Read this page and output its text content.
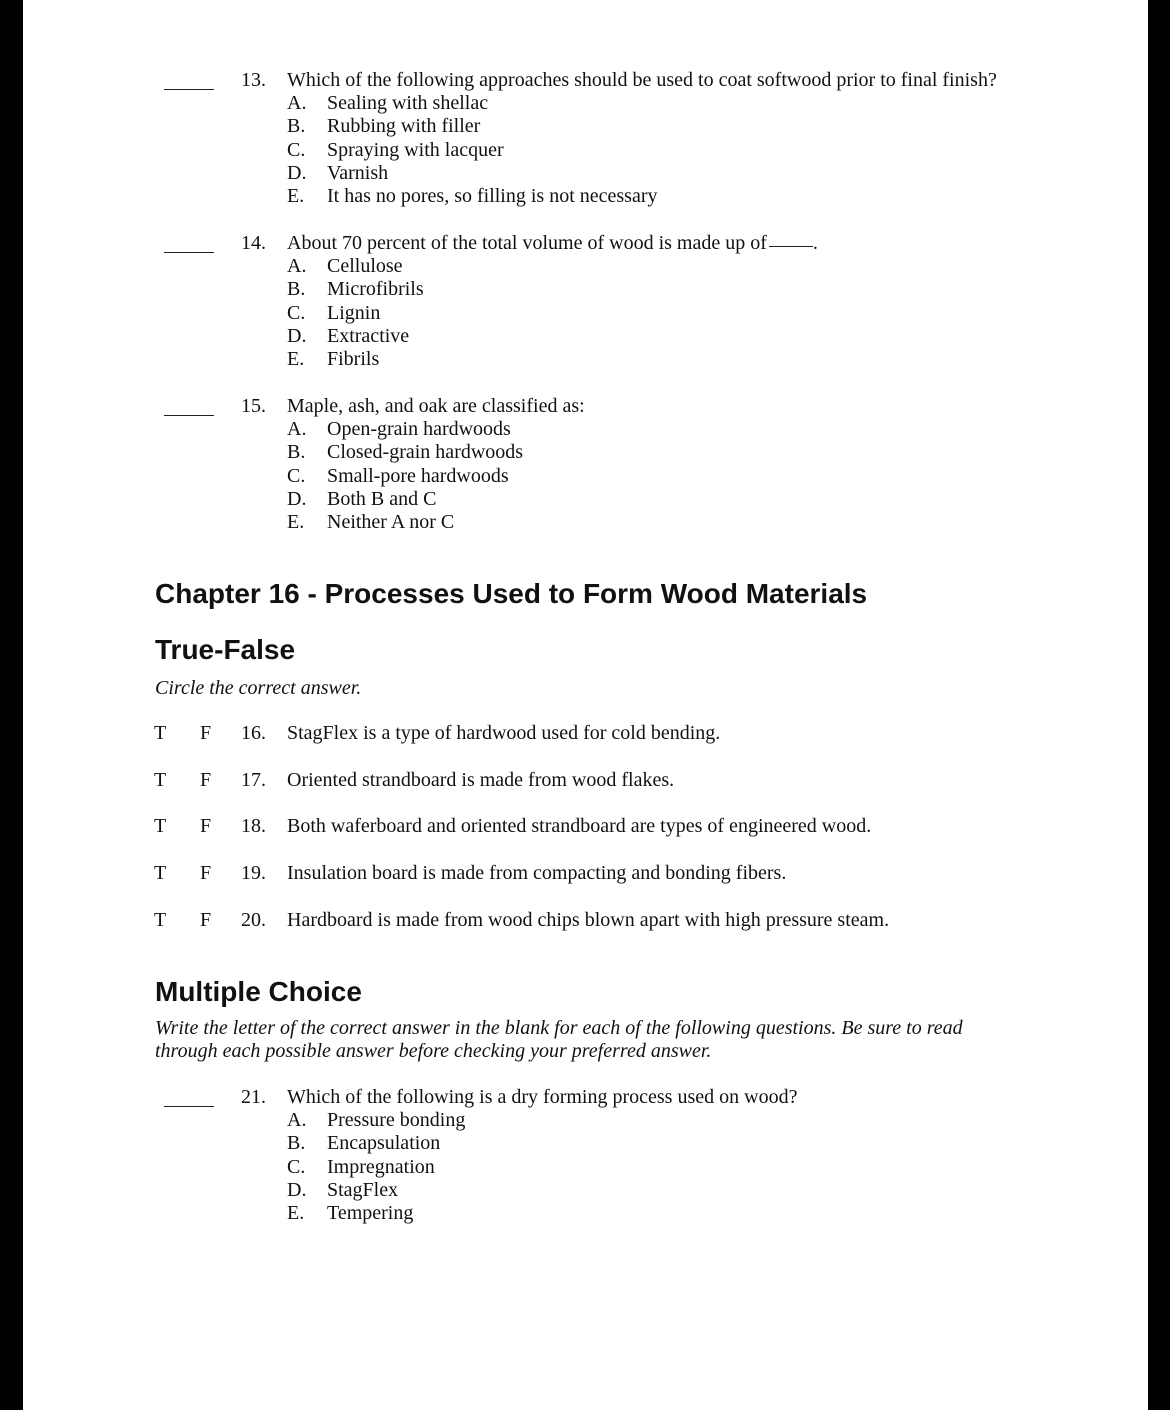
13. Which of the following approaches should be used to coat softwood prior to final finish?
A. Sealing with shellac
B. Rubbing with filler
C. Spraying with lacquer
D. Varnish
E. It has no pores, so filling is not necessary
14. About 70 percent of the total volume of wood is made up of .
A. Cellulose
B. Microfibrils
C. Lignin
D. Extractive
E. Fibrils
15. Maple, ash, and oak are classified as:
A. Open-grain hardwoods
B. Closed-grain hardwoods
C. Small-pore hardwoods
D. Both B and C
E. Neither A nor C
Chapter 16 - Processes Used to Form Wood Materials
True-False
Circle the correct answer.
T F 16. StagFlex is a type of hardwood used for cold bending.
T F 17. Oriented strandboard is made from wood flakes.
T F 18. Both waferboard and oriented strandboard are types of engineered wood.
T F 19. Insulation board is made from compacting and bonding fibers.
T F 20. Hardboard is made from wood chips blown apart with high pressure steam.
Multiple Choice
Write the letter of the correct answer in the blank for each of the following questions. Be sure to read
through each possible answer before checking your preferred answer.
21. Which of the following is a dry forming process used on wood?
A. Pressure bonding
B. Encapsulation
C. Impregnation
D. StagFlex
E. Tempering
